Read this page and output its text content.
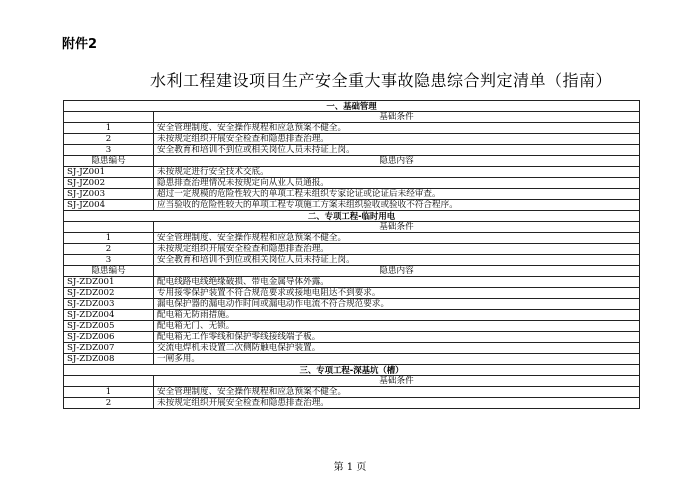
附件2
水利工程建设项目生产安全重大事故隐患综合判定清单（指南）
一、基础管理	
	基础条件
1	安全管理制度、安全操作规程和应急预案不健全。
2	未按规定组织开展安全检查和隐患排查治理。
3	安全教育和培训不到位或相关岗位人员未持证上岗。
隐患编号	隐患内容
SJ-JZ001	未按规定进行安全技术交底。
SJ-JZ002	隐患排查治理情况未按规定向从业人员通报。
SJ-JZ003	超过一定规模的危险性较大的单项工程未组织专家论证或论证后未经审查。
SJ-JZ004	应当验收的危险性较大的单项工程专项施工方案未组织验收或验收不符合程序。
二、专项工程-临时用电	
	基础条件
1	安全管理制度、安全操作规程和应急预案不健全。
2	未按规定组织开展安全检查和隐患排查治理。
3	安全教育和培训不到位或相关岗位人员未持证上岗。
隐患编号	隐患内容
SJ-ZDZ001	配电线路电线绝缘破损、带电金属导体外露。
SJ-ZDZ002	专用接零保护装置不符合规范要求或接地电阻达不到要求。
SJ-ZDZ003	漏电保护器的漏电动作时间或漏电动作电流不符合规范要求。
SJ-ZDZ004	配电箱无防雨措施。
SJ-ZDZ005	配电箱无门、无锁。
SJ-ZDZ006	配电箱无工作零线和保护零线接线端子板。
SJ-ZDZ007	交流电焊机未设置二次侧防触电保护装置。
SJ-ZDZ008	一闸多用。
三、专项工程-深基坑（槽）	
	基础条件
1	安全管理制度、安全操作规程和应急预案不健全。
2	未按规定组织开展安全检查和隐患排查治理。
第 1 页
